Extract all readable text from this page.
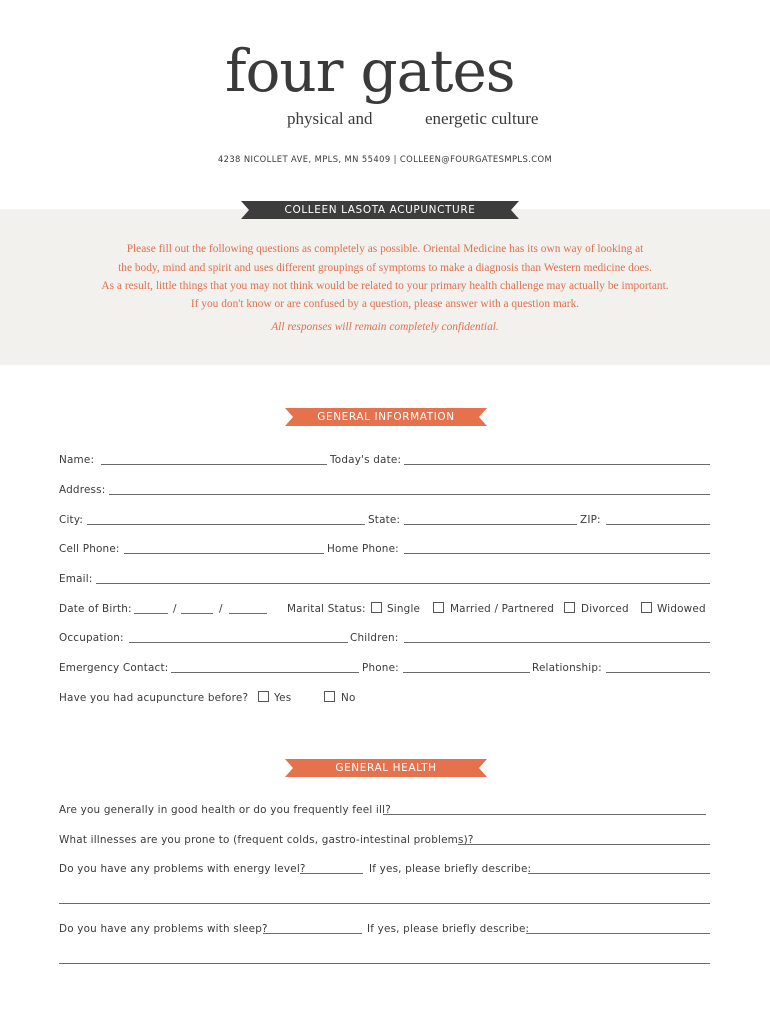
four gates
physical and	energetic culture
4238 NICOLLET AVE, MPLS, MN 55409 | COLLEEN@FOURGATESMPLS.COM
COLLEEN LASOTA ACUPUNCTURE
Please fill out the following questions as completely as possible. Oriental Medicine has its own way of looking at
the body, mind and spirit and uses different groupings of symptoms to make a diagnosis than Western medicine does.
As a result, little things that you may not think would be related to your primary health challenge may actually be important.
If you don't know or are confused by a question, please answer with a question mark.
All responses will remain completely confidential.
GENERAL INFORMATION
Name:	Today's date:
Address:
City:	State:	ZIP:
Cell Phone:	Home Phone:
Email:
Date of Birth:	/	/	Marital Status: Single	Married / Partnered	Divorced	Widowed
Occupation:	Children:
Emergency Contact:	Phone:	Relationship:
Have you had acupuncture before? Yes	No
GENERAL HEALTH
Are you generally in good health or do you frequently feel ill?
What illnesses are you prone to (frequent colds, gastro-intestinal problems)?
Do you have any problems with energy level?	If yes, please briefly describe:
Do you have any problems with sleep?	If yes, please briefly describe:
